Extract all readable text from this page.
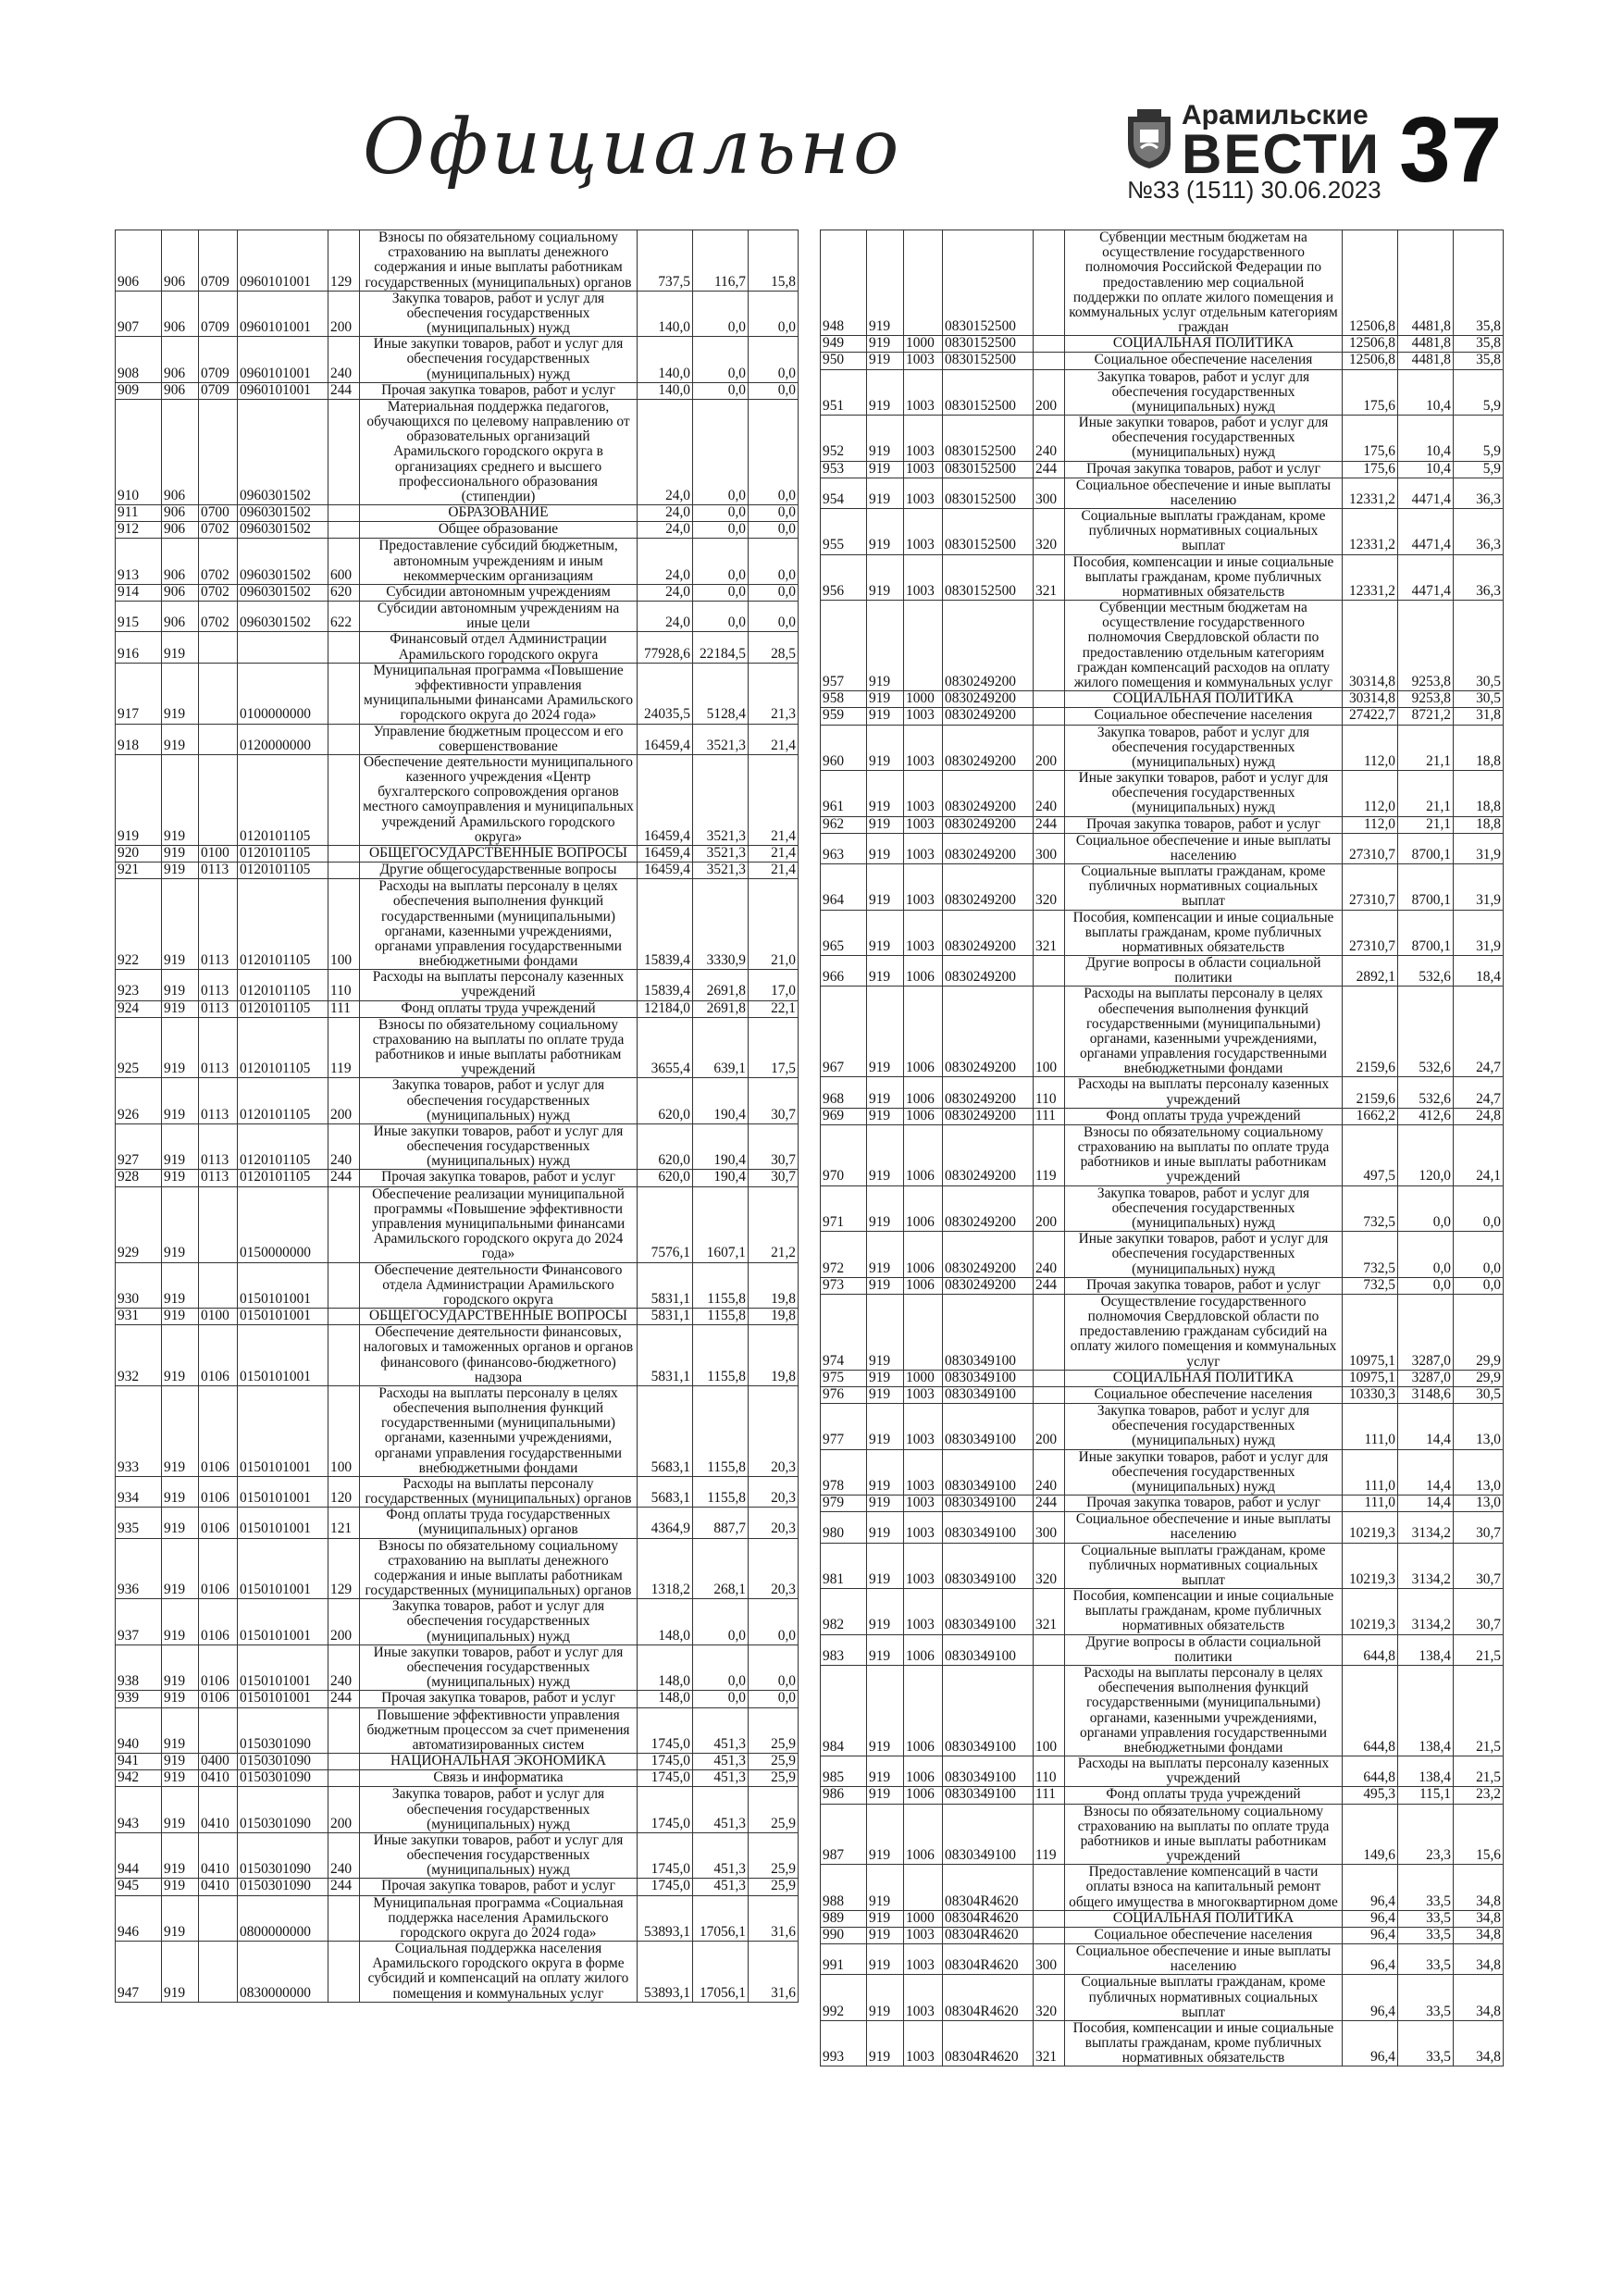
Официально	Арамильские
ВЕСТИ
№33 (1511) 30.06.2023 37
906	906	0709	0960101001	129	Взносы по обязательному социальному страхованию на выплаты денежного содержания и иные выплаты работникам государственных (муниципальных) органов	737,5	116,7	15,8
907	906	0709	0960101001	200	Закупка товаров, работ и услуг для обеспечения государственных (муниципальных) нужд	140,0	0,0	0,0
908	906	0709	0960101001	240	Иные закупки товаров, работ и услуг для обеспечения государственных (муниципальных) нужд	140,0	0,0	0,0
909	906	0709	0960101001	244	Прочая закупка товаров, работ и услуг	140,0	0,0	0,0
910	906		0960301502		Материальная поддержка педагогов, обучающихся по целевому направлению от образовательных организаций Арамильского городского округа в организациях среднего и высшего профессионального образования (стипендии)	24,0	0,0	0,0
911	906	0700	0960301502		ОБРАЗОВАНИЕ	24,0	0,0	0,0
912	906	0702	0960301502		Общее образование	24,0	0,0	0,0
913	906	0702	0960301502	600	Предоставление субсидий бюджетным, автономным учреждениям и иным некоммерческим организациям	24,0	0,0	0,0
914	906	0702	0960301502	620	Субсидии автономным учреждениям	24,0	0,0	0,0
915	906	0702	0960301502	622	Субсидии автономным учреждениям на иные цели	24,0	0,0	0,0
916	919				Финансовый отдел Администрации Арамильского городского округа	77928,6	22184,5	28,5
917	919		0100000000		Муниципальная программа «Повышение эффективности управления муниципальными финансами Арамильского городского округа до 2024 года»	24035,5	5128,4	21,3
918	919		0120000000		Управление бюджетным процессом и его совершенствование	16459,4	3521,3	21,4
919	919		0120101105		Обеспечение деятельности муниципального казенного учреждения «Центр бухгалтерского сопровождения органов местного самоуправления и муниципальных учреждений Арамильского городского округа»	16459,4	3521,3	21,4
920	919	0100	0120101105		ОБЩЕГОСУДАРСТВЕННЫЕ ВОПРОСЫ	16459,4	3521,3	21,4
921	919	0113	0120101105		Другие общегосударственные вопросы	16459,4	3521,3	21,4
922	919	0113	0120101105	100	Расходы на выплаты персоналу в целях обеспечения выполнения функций государственными (муниципальными) органами, казенными учреждениями, органами управления государственными внебюджетными фондами	15839,4	3330,9	21,0
923	919	0113	0120101105	110	Расходы на выплаты персоналу казенных учреждений	15839,4	2691,8	17,0
924	919	0113	0120101105	111	Фонд оплаты труда учреждений	12184,0	2691,8	22,1
925	919	0113	0120101105	119	Взносы по обязательному социальному страхованию на выплаты по оплате труда работников и иные выплаты работникам учреждений	3655,4	639,1	17,5
926	919	0113	0120101105	200	Закупка товаров, работ и услуг для обеспечения государственных (муниципальных) нужд	620,0	190,4	30,7
927	919	0113	0120101105	240	Иные закупки товаров, работ и услуг для обеспечения государственных (муниципальных) нужд	620,0	190,4	30,7
928	919	0113	0120101105	244	Прочая закупка товаров, работ и услуг	620,0	190,4	30,7
929	919		0150000000		Обеспечение реализации муниципальной программы «Повышение эффективности управления муниципальными финансами Арамильского городского округа до 2024 года»	7576,1	1607,1	21,2
930	919		0150101001		Обеспечение деятельности Финансового отдела Администрации Арамильского городского округа	5831,1	1155,8	19,8
931	919	0100	0150101001		ОБЩЕГОСУДАРСТВЕННЫЕ ВОПРОСЫ	5831,1	1155,8	19,8
932	919	0106	0150101001		Обеспечение деятельности финансовых, налоговых и таможенных органов и органов финансового (финансово-бюджетного) надзора	5831,1	1155,8	19,8
933	919	0106	0150101001	100	Расходы на выплаты персоналу в целях обеспечения выполнения функций государственными (муниципальными) органами, казенными учреждениями, органами управления государственными внебюджетными фондами	5683,1	1155,8	20,3
934	919	0106	0150101001	120	Расходы на выплаты персоналу государственных (муниципальных) органов	5683,1	1155,8	20,3
935	919	0106	0150101001	121	Фонд оплаты труда государственных (муниципальных) органов	4364,9	887,7	20,3
936	919	0106	0150101001	129	Взносы по обязательному социальному страхованию на выплаты денежного содержания и иные выплаты работникам государственных (муниципальных) органов	1318,2	268,1	20,3
937	919	0106	0150101001	200	Закупка товаров, работ и услуг для обеспечения государственных (муниципальных) нужд	148,0	0,0	0,0
938	919	0106	0150101001	240	Иные закупки товаров, работ и услуг для обеспечения государственных (муниципальных) нужд	148,0	0,0	0,0
939	919	0106	0150101001	244	Прочая закупка товаров, работ и услуг	148,0	0,0	0,0
940	919		0150301090		Повышение эффективности управления бюджетным процессом за счет применения автоматизированных систем	1745,0	451,3	25,9
941	919	0400	0150301090		НАЦИОНАЛЬНАЯ ЭКОНОМИКА	1745,0	451,3	25,9
942	919	0410	0150301090		Связь и информатика	1745,0	451,3	25,9
943	919	0410	0150301090	200	Закупка товаров, работ и услуг для обеспечения государственных (муниципальных) нужд	1745,0	451,3	25,9
944	919	0410	0150301090	240	Иные закупки товаров, работ и услуг для обеспечения государственных (муниципальных) нужд	1745,0	451,3	25,9
945	919	0410	0150301090	244	Прочая закупка товаров, работ и услуг	1745,0	451,3	25,9
946	919		0800000000		Муниципальная программа «Социальная поддержка населения Арамильского городского округа до 2024 года»	53893,1	17056,1	31,6
947	919		0830000000		Социальная поддержка населения Арамильского городского округа в форме субсидий и компенсаций на оплату жилого помещения и коммунальных услуг	53893,1	17056,1	31,6
948	919		0830152500		Субвенции местным бюджетам на осуществление государственного полномочия Российской Федерации по предоставлению мер социальной поддержки по оплате жилого помещения и коммунальных услуг отдельным категориям граждан	12506,8	4481,8	35,8
949	919	1000	0830152500		СОЦИАЛЬНАЯ ПОЛИТИКА	12506,8	4481,8	35,8
950	919	1003	0830152500		Социальное обеспечение населения	12506,8	4481,8	35,8
951	919	1003	0830152500	200	Закупка товаров, работ и услуг для обеспечения государственных (муниципальных) нужд	175,6	10,4	5,9
952	919	1003	0830152500	240	Иные закупки товаров, работ и услуг для обеспечения государственных (муниципальных) нужд	175,6	10,4	5,9
953	919	1003	0830152500	244	Прочая закупка товаров, работ и услуг	175,6	10,4	5,9
954	919	1003	0830152500	300	Социальное обеспечение и иные выплаты населению	12331,2	4471,4	36,3
955	919	1003	0830152500	320	Социальные выплаты гражданам, кроме публичных нормативных социальных выплат	12331,2	4471,4	36,3
956	919	1003	0830152500	321	Пособия, компенсации и иные социальные выплаты гражданам, кроме публичных нормативных обязательств	12331,2	4471,4	36,3
957	919		0830249200		Субвенции местным бюджетам на осуществление государственного полномочия Свердловской области по предоставлению отдельным категориям граждан компенсаций расходов на оплату жилого помещения и коммунальных услуг	30314,8	9253,8	30,5
958	919	1000	0830249200		СОЦИАЛЬНАЯ ПОЛИТИКА	30314,8	9253,8	30,5
959	919	1003	0830249200		Социальное обеспечение населения	27422,7	8721,2	31,8
960	919	1003	0830249200	200	Закупка товаров, работ и услуг для обеспечения государственных (муниципальных) нужд	112,0	21,1	18,8
961	919	1003	0830249200	240	Иные закупки товаров, работ и услуг для обеспечения государственных (муниципальных) нужд	112,0	21,1	18,8
962	919	1003	0830249200	244	Прочая закупка товаров, работ и услуг	112,0	21,1	18,8
963	919	1003	0830249200	300	Социальное обеспечение и иные выплаты населению	27310,7	8700,1	31,9
964	919	1003	0830249200	320	Социальные выплаты гражданам, кроме публичных нормативных социальных выплат	27310,7	8700,1	31,9
965	919	1003	0830249200	321	Пособия, компенсации и иные социальные выплаты гражданам, кроме публичных нормативных обязательств	27310,7	8700,1	31,9
966	919	1006	0830249200		Другие вопросы в области социальной политики	2892,1	532,6	18,4
967	919	1006	0830249200	100	Расходы на выплаты персоналу в целях обеспечения выполнения функций государственными (муниципальными) органами, казенными учреждениями, органами управления государственными внебюджетными фондами	2159,6	532,6	24,7
968	919	1006	0830249200	110	Расходы на выплаты персоналу казенных учреждений	2159,6	532,6	24,7
969	919	1006	0830249200	111	Фонд оплаты труда учреждений	1662,2	412,6	24,8
970	919	1006	0830249200	119	Взносы по обязательному социальному страхованию на выплаты по оплате труда работников и иные выплаты работникам учреждений	497,5	120,0	24,1
971	919	1006	0830249200	200	Закупка товаров, работ и услуг для обеспечения государственных (муниципальных) нужд	732,5	0,0	0,0
972	919	1006	0830249200	240	Иные закупки товаров, работ и услуг для обеспечения государственных (муниципальных) нужд	732,5	0,0	0,0
973	919	1006	0830249200	244	Прочая закупка товаров, работ и услуг	732,5	0,0	0,0
974	919		0830349100		Осуществление государственного полномочия Свердловской области по предоставлению гражданам субсидий на оплату жилого помещения и коммунальных услуг	10975,1	3287,0	29,9
975	919	1000	0830349100		СОЦИАЛЬНАЯ ПОЛИТИКА	10975,1	3287,0	29,9
976	919	1003	0830349100		Социальное обеспечение населения	10330,3	3148,6	30,5
977	919	1003	0830349100	200	Закупка товаров, работ и услуг для обеспечения государственных (муниципальных) нужд	111,0	14,4	13,0
978	919	1003	0830349100	240	Иные закупки товаров, работ и услуг для обеспечения государственных (муниципальных) нужд	111,0	14,4	13,0
979	919	1003	0830349100	244	Прочая закупка товаров, работ и услуг	111,0	14,4	13,0
980	919	1003	0830349100	300	Социальное обеспечение и иные выплаты населению	10219,3	3134,2	30,7
981	919	1003	0830349100	320	Социальные выплаты гражданам, кроме публичных нормативных социальных выплат	10219,3	3134,2	30,7
982	919	1003	0830349100	321	Пособия, компенсации и иные социальные выплаты гражданам, кроме публичных нормативных обязательств	10219,3	3134,2	30,7
983	919	1006	0830349100		Другие вопросы в области социальной политики	644,8	138,4	21,5
984	919	1006	0830349100	100	Расходы на выплаты персоналу в целях обеспечения выполнения функций государственными (муниципальными) органами, казенными учреждениями, органами управления государственными внебюджетными фондами	644,8	138,4	21,5
985	919	1006	0830349100	110	Расходы на выплаты персоналу казенных учреждений	644,8	138,4	21,5
986	919	1006	0830349100	111	Фонд оплаты труда учреждений	495,3	115,1	23,2
987	919	1006	0830349100	119	Взносы по обязательному социальному страхованию на выплаты по оплате труда работников и иные выплаты работникам учреждений	149,6	23,3	15,6
988	919		08304R4620		Предоставление компенсаций в части оплаты взноса на капитальный ремонт общего имущества в многоквартирном доме	96,4	33,5	34,8
989	919	1000	08304R4620		СОЦИАЛЬНАЯ ПОЛИТИКА	96,4	33,5	34,8
990	919	1003	08304R4620		Социальное обеспечение населения	96,4	33,5	34,8
991	919	1003	08304R4620	300	Социальное обеспечение и иные выплаты населению	96,4	33,5	34,8
992	919	1003	08304R4620	320	Социальные выплаты гражданам, кроме публичных нормативных социальных выплат	96,4	33,5	34,8
993	919	1003	08304R4620	321	Пособия, компенсации и иные социальные выплаты гражданам, кроме публичных нормативных обязательств	96,4	33,5	34,8
